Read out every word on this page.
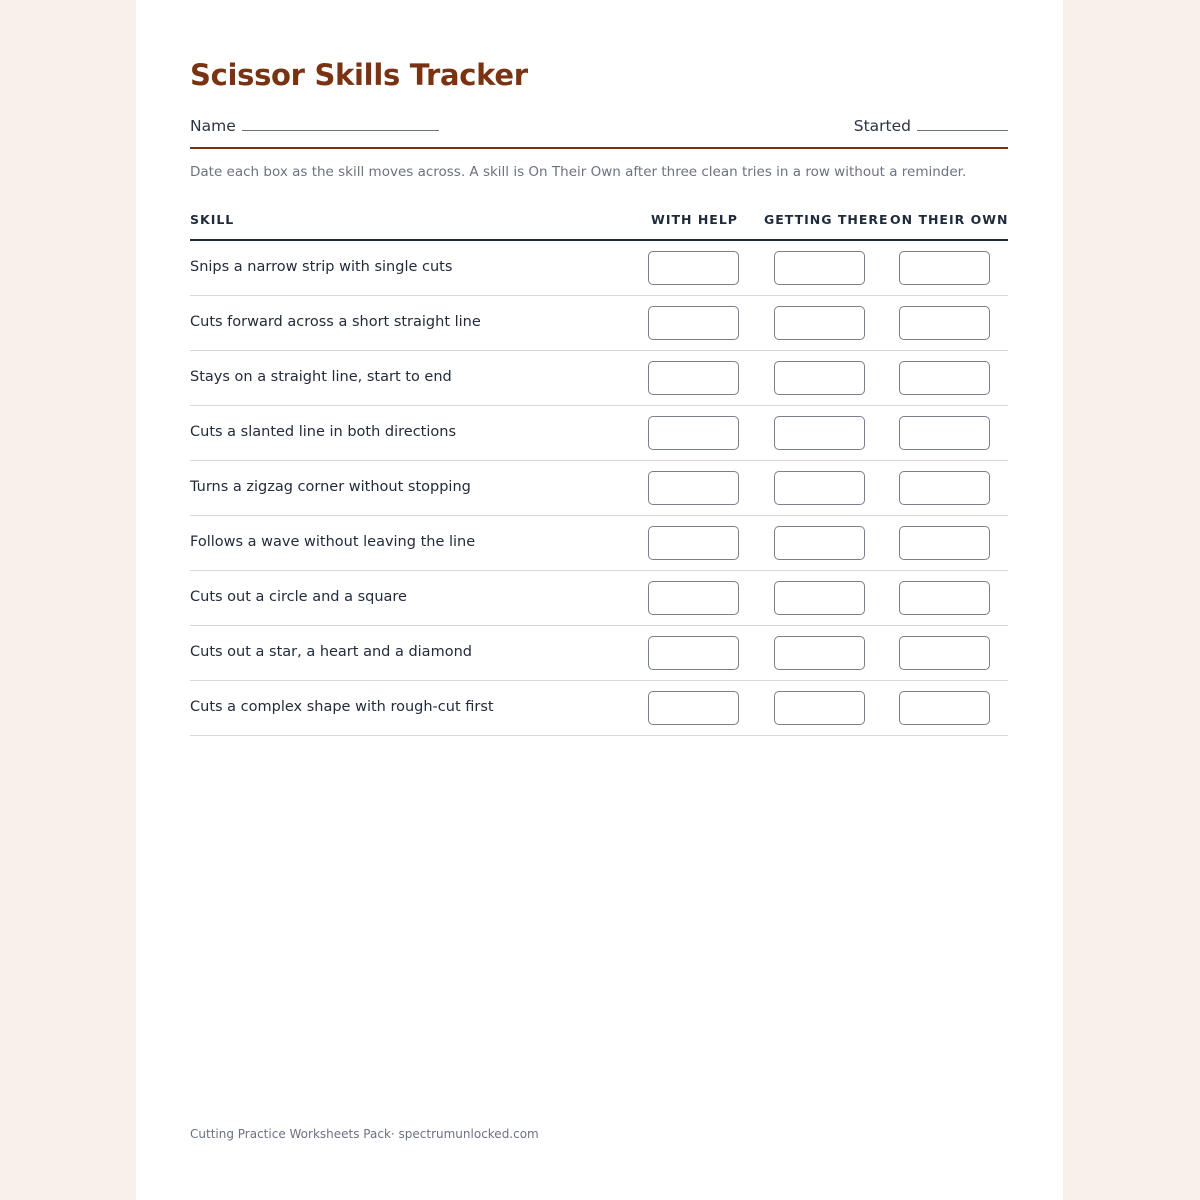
Scissor Skills Tracker
Name	Started
Date each box as the skill moves across. A skill is On Their Own after three clean tries in a row without a reminder.
SKILL	WITH HELP GETTING THERE ON THEIR OWN
Snips a narrow strip with single cuts
Cuts forward across a short straight line
Stays on a straight line, start to end
Cuts a slanted line in both directions
Turns a zigzag corner without stopping
Follows a wave without leaving the line
Cuts out a circle and a square
Cuts out a star, a heart and a diamond
Cuts a complex shape with rough-cut first
Cutting Practice Worksheets Pack· spectrumunlocked.com
